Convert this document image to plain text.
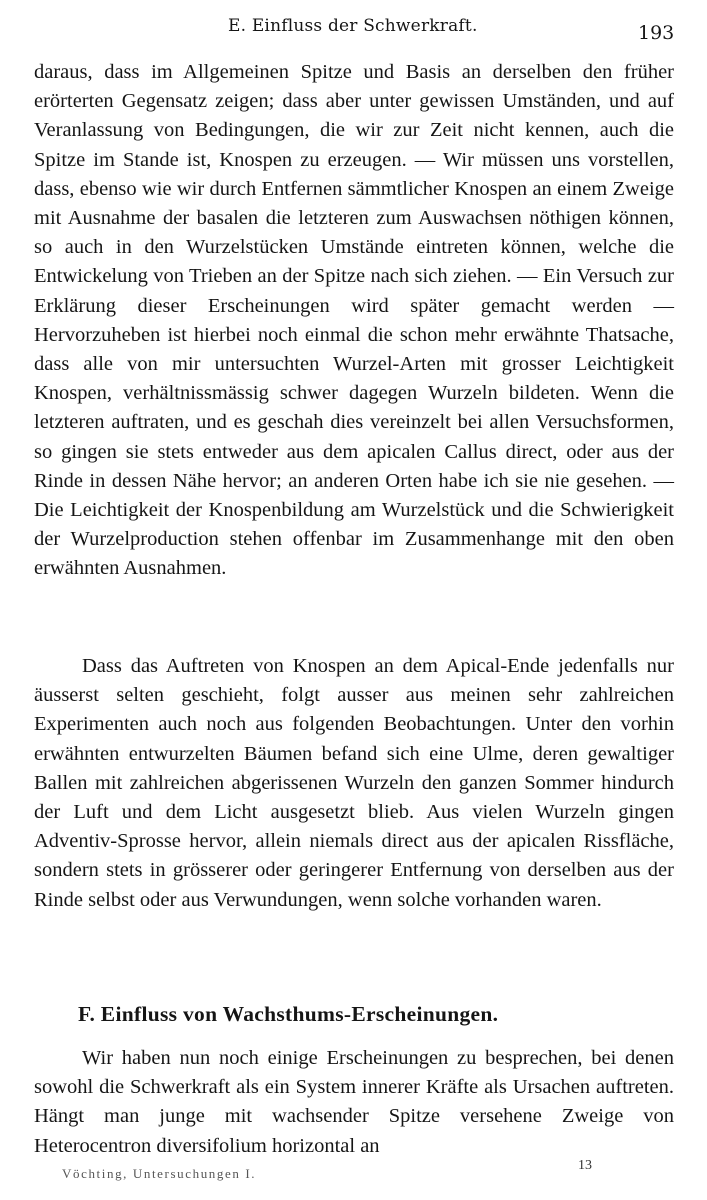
E. Einfluss der Schwerkraft.	193

daraus, dass im Allgemeinen Spitze und Basis an derselben den früher erörterten Gegensatz zeigen; dass aber unter gewissen Umständen, und auf Veranlassung von Bedingungen, die wir zur Zeit nicht kennen, auch die Spitze im Stande ist, Knospen zu erzeugen. — Wir müssen uns vorstellen, dass, ebenso wie wir durch Entfernen sämmtlicher Knospen an einem Zweige mit Ausnahme der basalen die letzteren zum Auswachsen nöthigen können, so auch in den Wurzelstücken Umstände eintreten können, welche die Entwickelung von Trieben an der Spitze nach sich ziehen. — Ein Versuch zur Erklärung dieser Erscheinungen wird später gemacht werden — Hervorzuheben ist hierbei noch einmal die schon mehr erwähnte Thatsache, dass alle von mir untersuchten Wurzel-Arten mit grosser Leichtigkeit Knospen, verhältnissmässig schwer dagegen Wurzeln bildeten. Wenn die letzteren auftraten, und es geschah dies vereinzelt bei allen Versuchsformen, so gingen sie stets entweder aus dem apicalen Callus direct, oder aus der Rinde in dessen Nähe hervor; an anderen Orten habe ich sie nie gesehen. — Die Leichtigkeit der Knospenbildung am Wurzelstück und die Schwierigkeit der Wurzelproduction stehen offenbar im Zusammenhange mit den oben erwähnten Ausnahmen.

Dass das Auftreten von Knospen an dem Apical-Ende jedenfalls nur äusserst selten geschieht, folgt ausser aus meinen sehr zahlreichen Experimenten auch noch aus folgenden Beobachtungen. Unter den vorhin erwähnten entwurzelten Bäumen befand sich eine Ulme, deren gewaltiger Ballen mit zahlreichen abgerissenen Wurzeln den ganzen Sommer hindurch der Luft und dem Licht ausgesetzt blieb. Aus vielen Wurzeln gingen Adventiv-Sprosse hervor, allein niemals direct aus der apicalen Rissfläche, sondern stets in grösserer oder geringerer Entfernung von derselben aus der Rinde selbst oder aus Verwundungen, wenn solche vorhanden waren.

F. Einfluss von Wachsthums-Erscheinungen.

Wir haben nun noch einige Erscheinungen zu besprechen, bei denen sowohl die Schwerkraft als ein System innerer Kräfte als Ursachen auftreten. Hängt man junge mit wachsender Spitze versehene Zweige von Heterocentron diversifolium horizontal an

Vöchting, Untersuchungen I.
13
